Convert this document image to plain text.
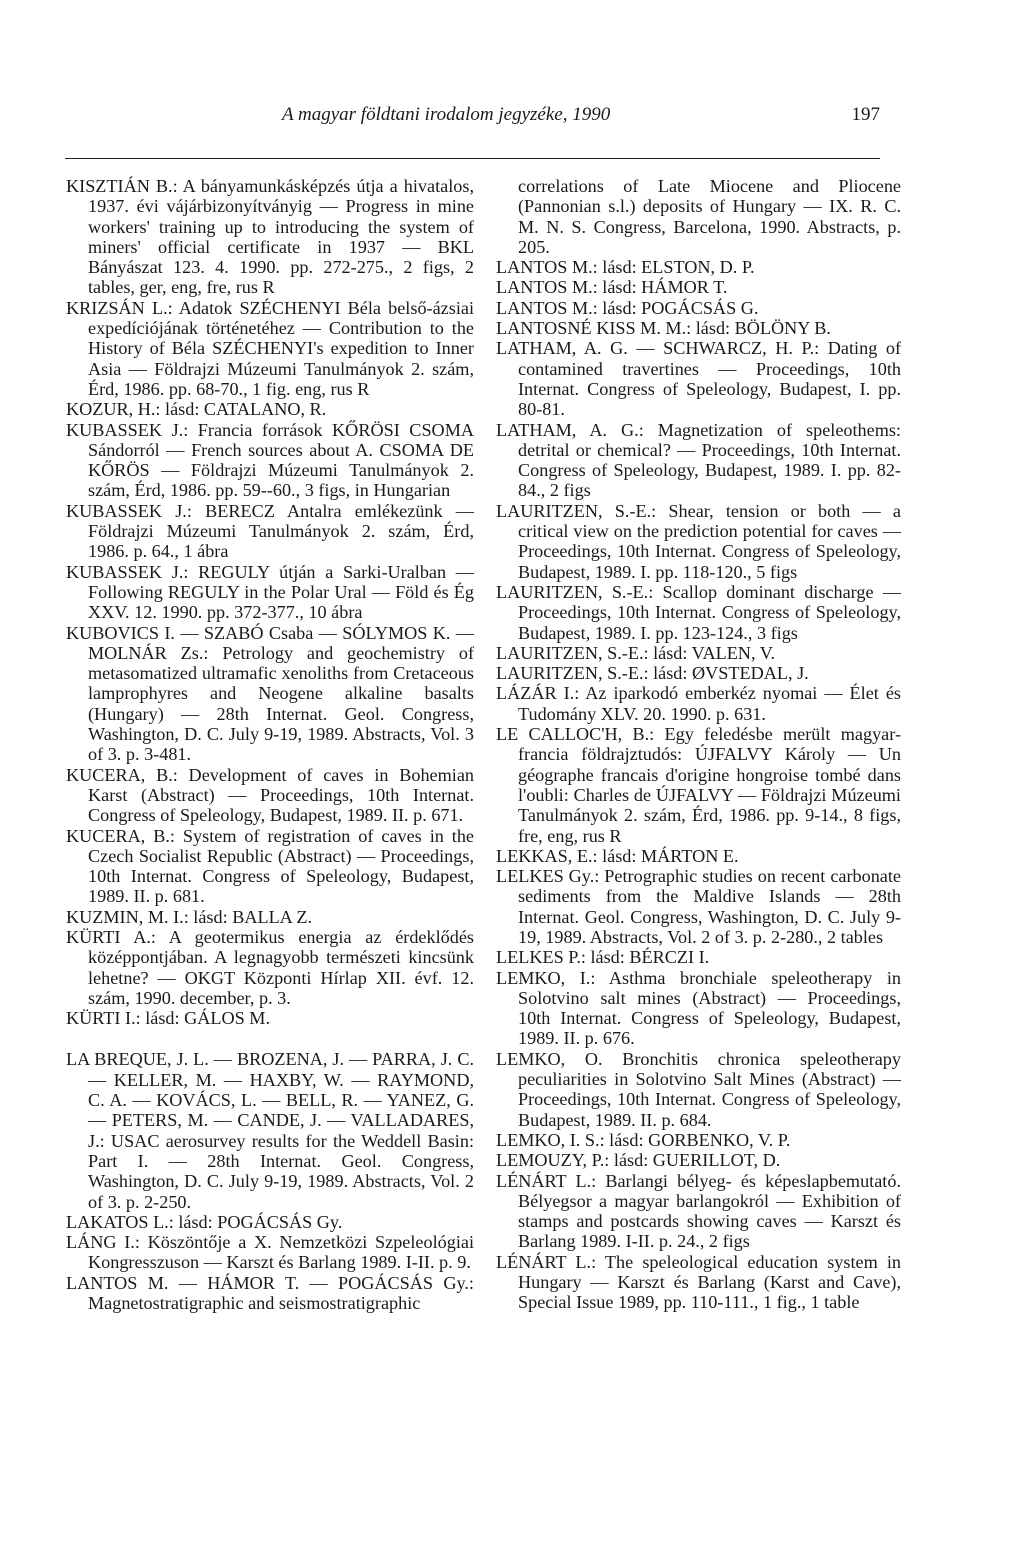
A magyar földtani irodalom jegyzéke, 1990	197

KISZTIÁN B.: A bányamunkásképzés útja a hivatalos, 1937. évi vájárbizonyítványig — Progress in mine workers' training up to introducing the system of miners' official certificate in 1937 — BKL Bányászat 123. 4. 1990. pp. 272-275., 2 figs, 2 tables, ger, eng, fre, rus R

KRIZSÁN L.: Adatok SZÉCHENYI Béla belső-ázsiai expedíciójának történetéhez — Contribution to the History of Béla SZÉCHENYI's expedition to Inner Asia — Földrajzi Múzeumi Tanulmányok 2. szám, Érd, 1986. pp. 68-70., 1 fig. eng, rus R

KOZUR, H.: lásd: CATALANO, R.

KUBASSEK J.: Francia források KŐRÖSI CSOMA Sándorról — French sources about A. CSOMA DE KŐRÖS — Földrajzi Múzeumi Tanulmányok 2. szám, Érd, 1986. pp. 59--60., 3 figs, in Hungarian

KUBASSEK J.: BERECZ Antalra emlékezünk — Földrajzi Múzeumi Tanulmányok 2. szám, Érd, 1986. p. 64., 1 ábra

KUBASSEK J.: REGULY útján a Sarki-Uralban — Following REGULY in the Polar Ural — Föld és Ég XXV. 12. 1990. pp. 372-377., 10 ábra

KUBOVICS I. — SZABÓ Csaba — SÓLYMOS K. — MOLNÁR Zs.: Petrology and geochemistry of metasomatized ultramafic xenoliths from Cretaceous lamprophyres and Neogene alkaline basalts (Hungary) — 28th Internat. Geol. Congress, Washington, D. C. July 9-19, 1989. Abstracts, Vol. 3 of 3. p. 3-481.

KUCERA, B.: Development of caves in Bohemian Karst (Abstract) — Proceedings, 10th Internat. Congress of Speleology, Budapest, 1989. II. p. 671.

KUCERA, B.: System of registration of caves in the Czech Socialist Republic (Abstract) — Proceedings, 10th Internat. Congress of Speleology, Budapest, 1989. II. p. 681.

KUZMIN, M. I.: lásd: BALLA Z.

KÜRTI A.: A geotermikus energia az érdeklődés középpontjában. A legnagyobb természeti kincsünk lehetne? — OKGT Központi Hírlap XII. évf. 12. szám, 1990. december, p. 3.

KÜRTI I.: lásd: GÁLOS M.

LA BREQUE, J. L. — BROZENA, J. — PARRA, J. C. — KELLER, M. — HAXBY, W. — RAYMOND, C. A. — KOVÁCS, L. — BELL, R. — YANEZ, G. — PETERS, M. — CANDE, J. — VALLADARES, J.: USAC aerosurvey results for the Weddell Basin: Part I. — 28th Internat. Geol. Congress, Washington, D. C. July 9-19, 1989. Abstracts, Vol. 2 of 3. p. 2-250.

LAKATOS L.: lásd: POGÁCSÁS Gy.

LÁNG I.: Köszöntője a X. Nemzetközi Szpeleológiai Kongresszuson — Karszt és Barlang 1989. I-II. p. 9.

LANTOS M. — HÁMOR T. — POGÁCSÁS Gy.: Magnetostratigraphic and seismostratigraphic

correlations of Late Miocene and Pliocene (Pannonian s.l.) deposits of Hungary — IX. R. C. M. N. S. Congress, Barcelona, 1990. Abstracts, p. 205.

LANTOS M.: lásd: ELSTON, D. P.

LANTOS M.: lásd: HÁMOR T.

LANTOS M.: lásd: POGÁCSÁS G.

LANTOSNÉ KISS M. M.: lásd: BÖLÖNY B.

LATHAM, A. G. — SCHWARCZ, H. P.: Dating of contamined travertines — Proceedings, 10th Internat. Congress of Speleology, Budapest, I. pp. 80-81.

LATHAM, A. G.: Magnetization of speleothems: detrital or chemical? — Proceedings, 10th Internat. Congress of Speleology, Budapest, 1989. I. pp. 82-84., 2 figs

LAURITZEN, S.-E.: Shear, tension or both — a critical view on the prediction potential for caves — Proceedings, 10th Internat. Congress of Speleology, Budapest, 1989. I. pp. 118-120., 5 figs

LAURITZEN, S.-E.: Scallop dominant discharge — Proceedings, 10th Internat. Congress of Speleology, Budapest, 1989. I. pp. 123-124., 3 figs

LAURITZEN, S.-E.: lásd: VALEN, V.

LAURITZEN, S.-E.: lásd: ØVSTEDAL, J.

LÁZÁR I.: Az iparkodó emberkéz nyomai — Élet és Tudomány XLV. 20. 1990. p. 631.

LE CALLOC'H, B.: Egy feledésbe merült magyar-francia földrajztudós: ÚJFALVY Károly — Un géographe francais d'origine hongroise tombé dans l'oubli: Charles de ÚJFALVY — Földrajzi Múzeumi Tanulmányok 2. szám, Érd, 1986. pp. 9-14., 8 figs, fre, eng, rus R

LEKKAS, E.: lásd: MÁRTON E.

LELKES Gy.: Petrographic studies on recent carbonate sediments from the Maldive Islands — 28th Internat. Geol. Congress, Washington, D. C. July 9- 19, 1989. Abstracts, Vol. 2 of 3. p. 2-280., 2 tables

LELKES P.: lásd: BÉRCZI I.

LEMKO, I.: Asthma bronchiale speleotherapy in Solotvino salt mines (Abstract) — Proceedings, 10th Internat. Congress of Speleology, Budapest, 1989. II. p. 676.

LEMKO, O. Bronchitis chronica speleotherapy peculiarities in Solotvino Salt Mines (Abstract) — Proceedings, 10th Internat. Congress of Speleology, Budapest, 1989. II. p. 684.

LEMKO, I. S.: lásd: GORBENKO, V. P.

LEMOUZY, P.: lásd: GUERILLOT, D.

LÉNÁRT L.: Barlangi bélyeg- és képeslapbemutató. Bélyegsor a magyar barlangokról — Exhibition of stamps and postcards showing caves — Karszt és Barlang 1989. I-II. p. 24., 2 figs

LÉNÁRT L.: The speleological education system in Hungary — Karszt és Barlang (Karst and Cave), Special Issue 1989, pp. 110-111., 1 fig., 1 table
